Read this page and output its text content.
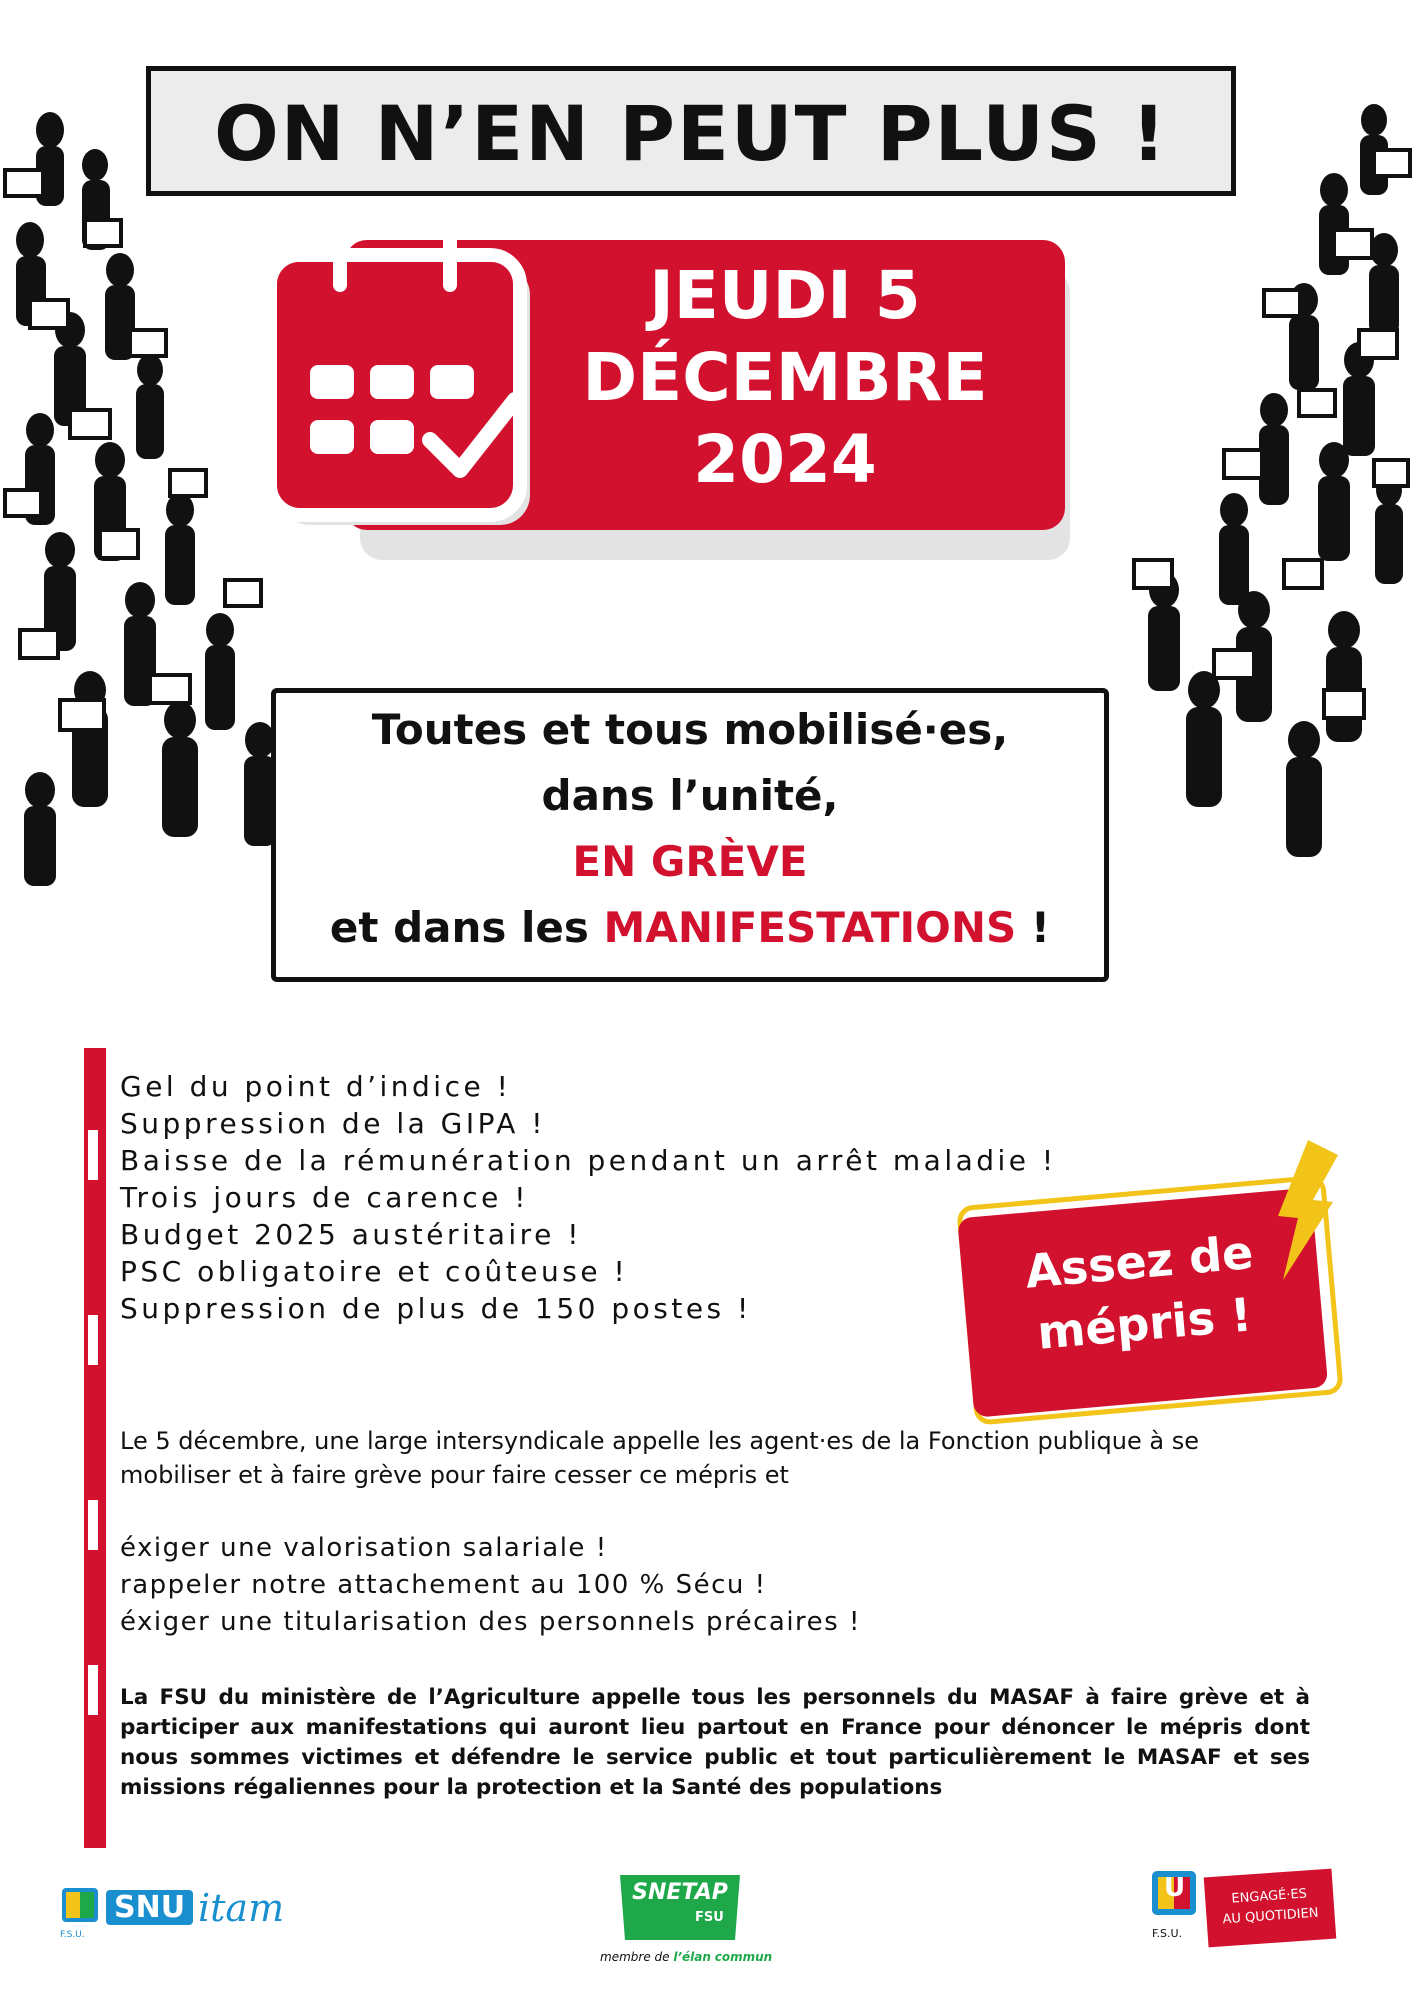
ON N’EN PEUT PLUS !
JEUDI 5
DÉCEMBRE
2024
Toutes et tous mobilisé·es,
dans l’unité,
EN GRÈVE
et dans les MANIFESTATIONS !
Gel du point d’indice !
Suppression de la GIPA !
Baisse de la rémunération pendant un arrêt maladie !
Trois jours de carence !
Budget 2025 austéritaire !
PSC obligatoire et coûteuse !
Suppression de plus de 150 postes !
Assez de
mépris !
Le 5 décembre, une large intersyndicale appelle les agent·es de la Fonction publique à se mobiliser et à faire grève pour faire cesser ce mépris et
éxiger une valorisation salariale !
rappeler notre attachement au 100 % Sécu !
éxiger une titularisation des personnels précaires !
La FSU du ministère de l’Agriculture appelle tous les personnels du MASAF à faire grève et à participer aux manifestations qui auront lieu partout en France pour dénoncer le mépris dont nous sommes victimes et défendre le service public et tout particulièrement le MASAF et ses missions régaliennes pour la protection et la Santé des populations
F.S.U.
SNU itam	SNETAP
FSU
membre de l’élan commun
U
F.S.U.
ENGAGÉ·ES
AU QUOTIDIEN
